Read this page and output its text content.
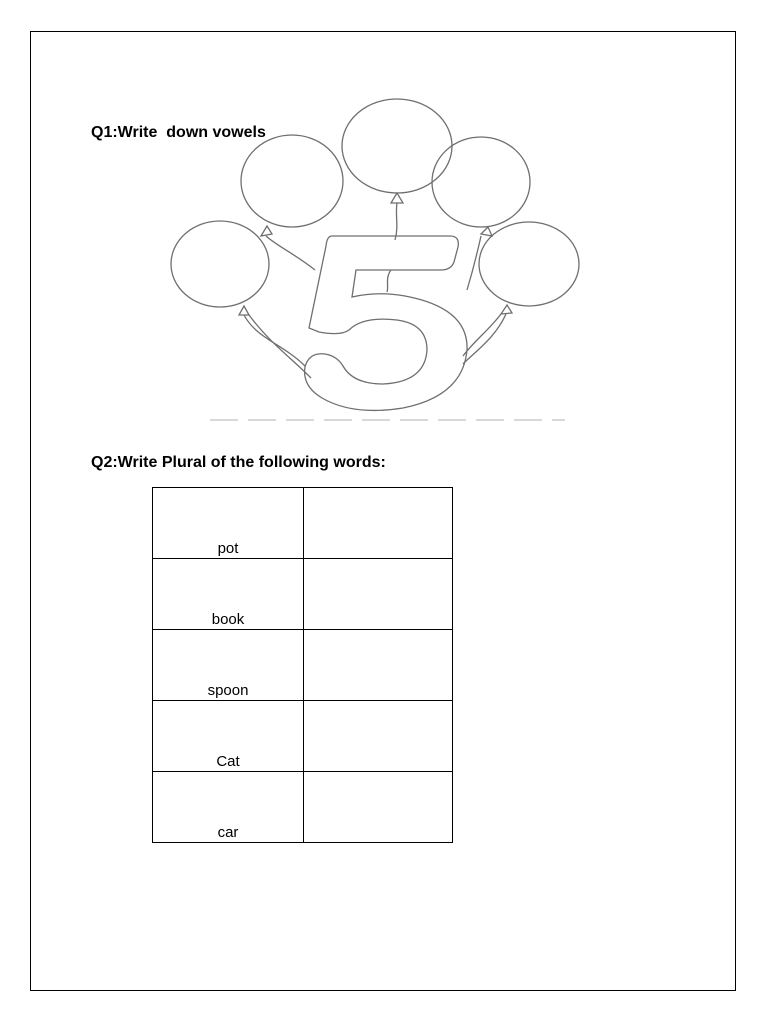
Q1:Write  down vowels

Q2:Write Plural of the following words:

pot	
book	
spoon	
Cat	
car	
